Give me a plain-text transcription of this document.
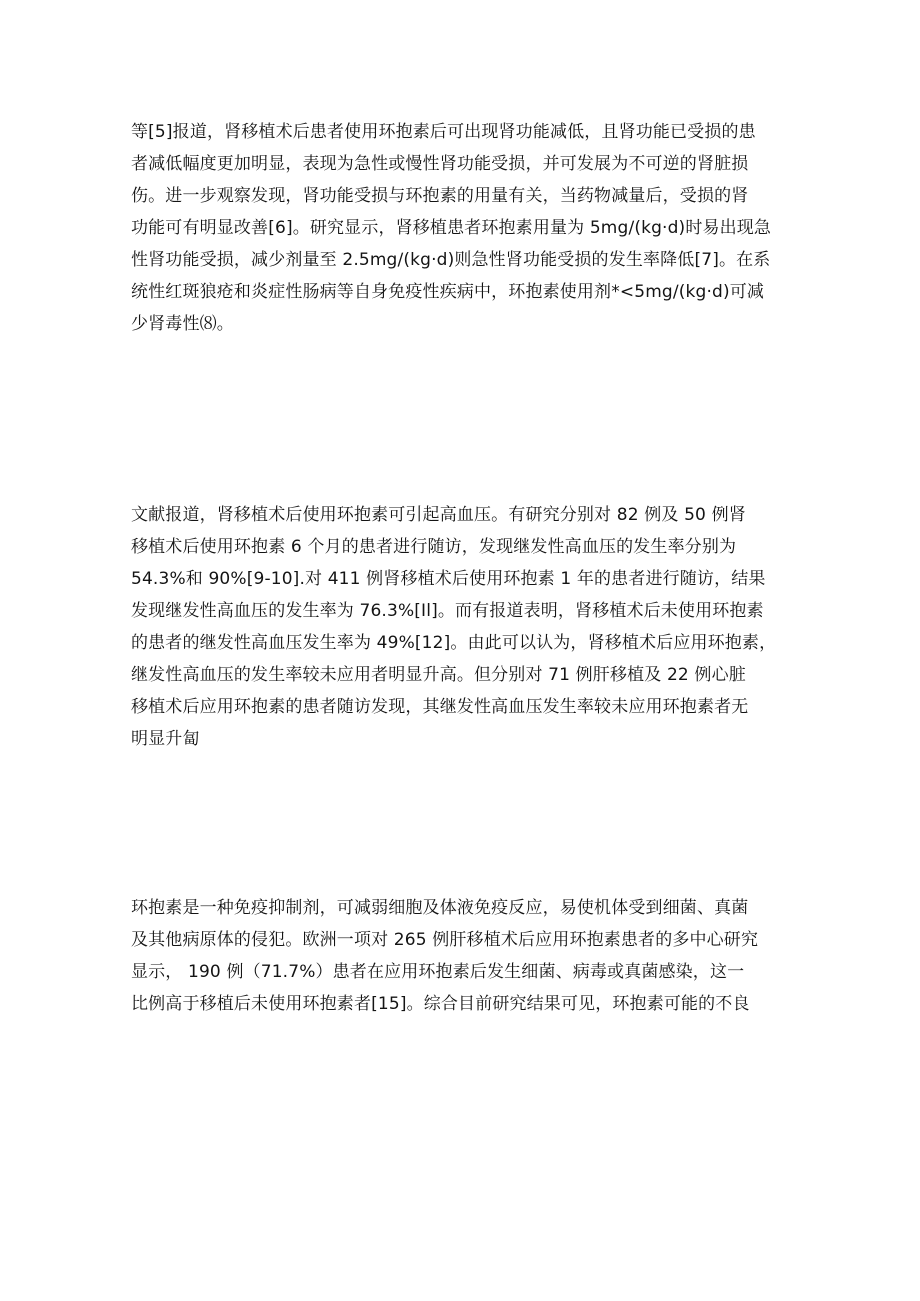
等[5]报道，肾移植术后患者使用环抱素后可出现肾功能减低，且肾功能已受损的患
者减低幅度更加明显，表现为急性或慢性肾功能受损，并可发展为不可逆的肾脏损
伤。进一步观察发现，肾功能受损与环抱素的用量有关，当药物减量后，受损的肾
功能可有明显改善[6]。研究显示，肾移植患者环抱素用量为 5mg∕(kg·d)时易出现急
性肾功能受损，减少剂量至 2.5mg∕(kg·d)则急性肾功能受损的发生率降低[7]。在系
统性红斑狼疮和炎症性肠病等自身免疫性疾病中，环抱素使用剂*<5mg∕(kg·d)可减
少肾毒性⑻。

文献报道，肾移植术后使用环抱素可引起高血压。有研究分别对 82 例及 50 例肾
移植术后使用环抱素 6 个月的患者进行随访，发现继发性高血压的发生率分别为
54.3%和 90%[9-10].对 411 例肾移植术后使用环抱素 1 年的患者进行随访，结果
发现继发性高血压的发生率为 76.3%[Il]。而有报道表明，肾移植术后未使用环抱素
的患者的继发性高血压发生率为 49%[12]。由此可以认为，肾移植术后应用环抱素，
继发性高血压的发生率较未应用者明显升高。但分别对 71 例肝移植及 22 例心脏
移植术后应用环抱素的患者随访发现，其继发性高血压发生率较未应用环抱素者无
明显升匐

环抱素是一种免疫抑制剂，可减弱细胞及体液免疫反应，易使机体受到细菌、真菌
及其他病原体的侵犯。欧洲一项对 265 例肝移植术后应用环抱素患者的多中心研究
显示， 190 例（71.7%）患者在应用环抱素后发生细菌、病毒或真菌感染，这一
比例高于移植后未使用环抱素者[15]。综合目前研究结果可见，环抱素可能的不良
